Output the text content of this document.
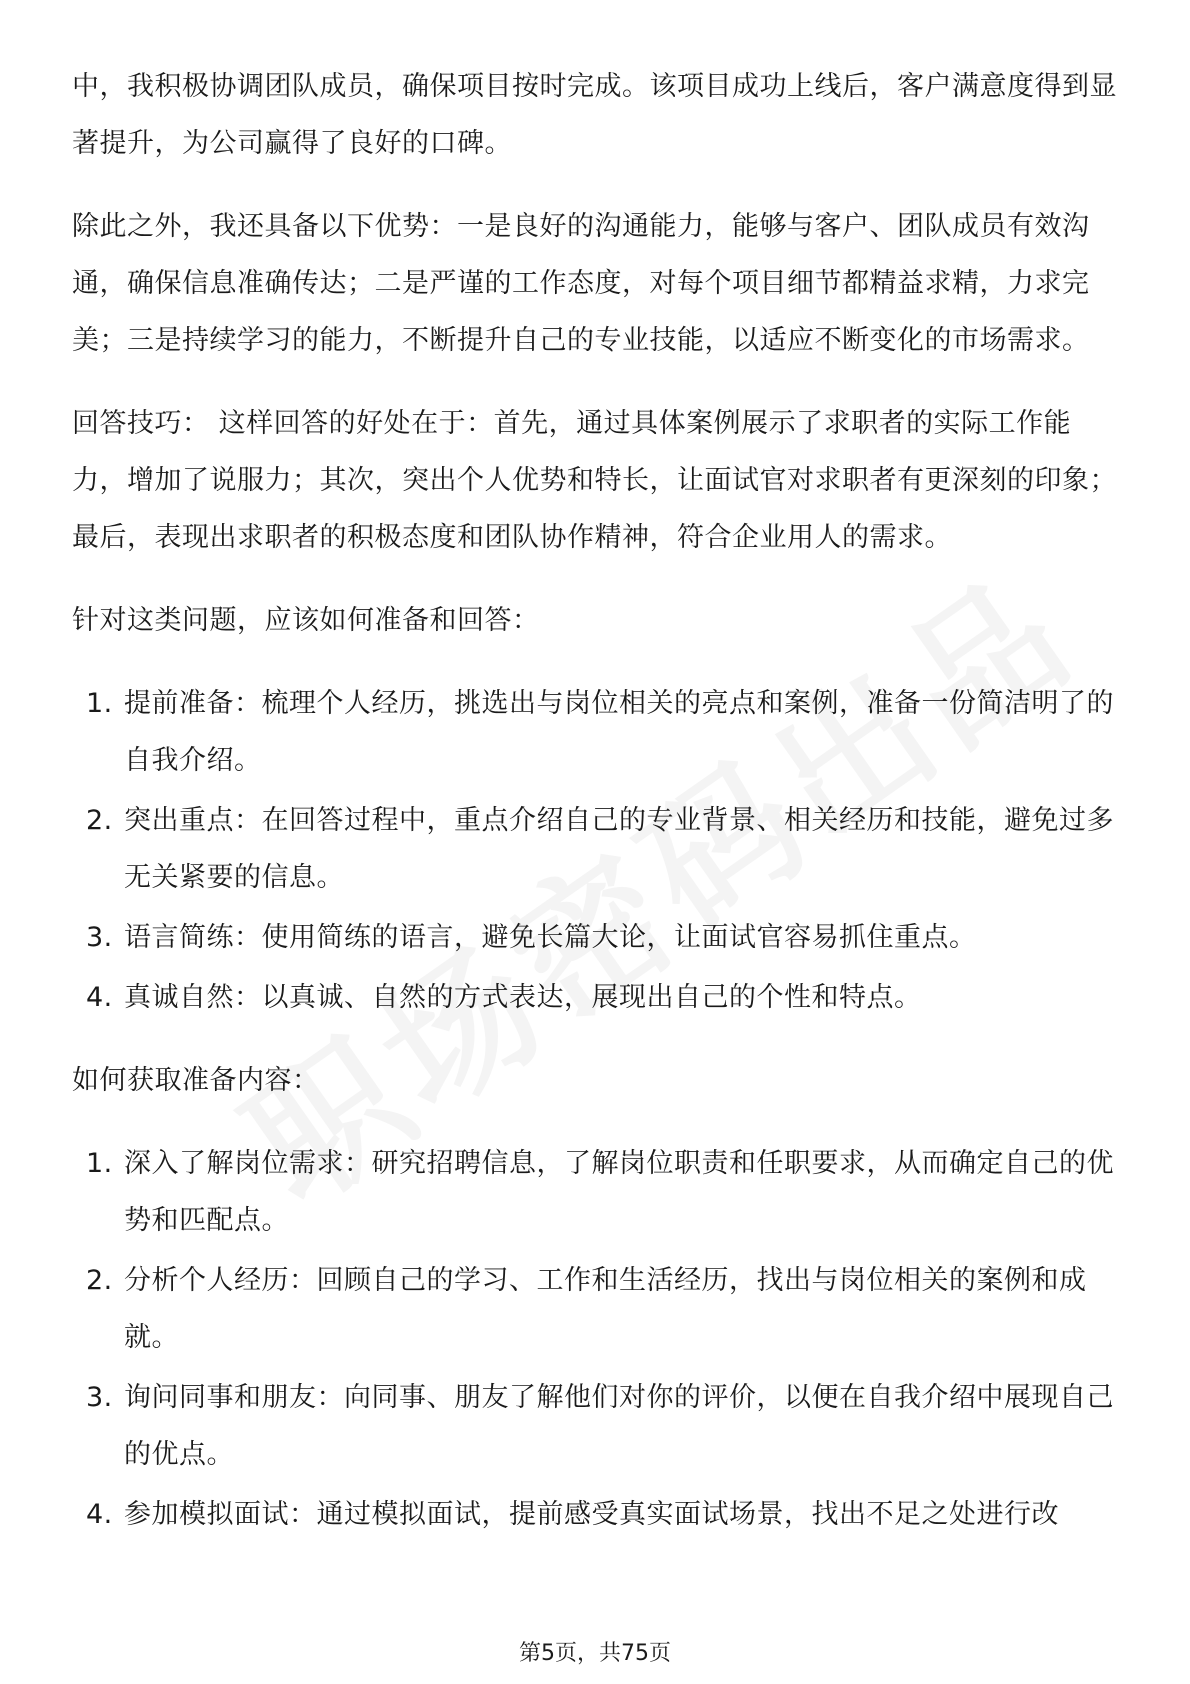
中，我积极协调团队成员，确保项目按时完成。该项目成功上线后，客户满意度得到显著提升，为公司赢得了良好的口碑。

除此之外，我还具备以下优势：一是良好的沟通能力，能够与客户、团队成员有效沟通，确保信息准确传达；二是严谨的工作态度，对每个项目细节都精益求精，力求完美；三是持续学习的能力，不断提升自己的专业技能，以适应不断变化的市场需求。

回答技巧： 这样回答的好处在于：首先，通过具体案例展示了求职者的实际工作能力，增加了说服力；其次，突出个人优势和特长，让面试官对求职者有更深刻的印象；最后，表现出求职者的积极态度和团队协作精神，符合企业用人的需求。

针对这类问题，应该如何准备和回答：

1. 提前准备：梳理个人经历，挑选出与岗位相关的亮点和案例，准备一份简洁明了的自我介绍。
2. 突出重点：在回答过程中，重点介绍自己的专业背景、相关经历和技能，避免过多无关紧要的信息。
3. 语言简练：使用简练的语言，避免长篇大论，让面试官容易抓住重点。
4. 真诚自然：以真诚、自然的方式表达，展现出自己的个性和特点。

如何获取准备内容：

1. 深入了解岗位需求：研究招聘信息，了解岗位职责和任职要求，从而确定自己的优势和匹配点。
2. 分析个人经历：回顾自己的学习、工作和生活经历，找出与岗位相关的案例和成就。
3. 询问同事和朋友：向同事、朋友了解他们对你的评价，以便在自我介绍中展现自己的优点。
4. 参加模拟面试：通过模拟面试，提前感受真实面试场景，找出不足之处进行改
第5页，共75页
